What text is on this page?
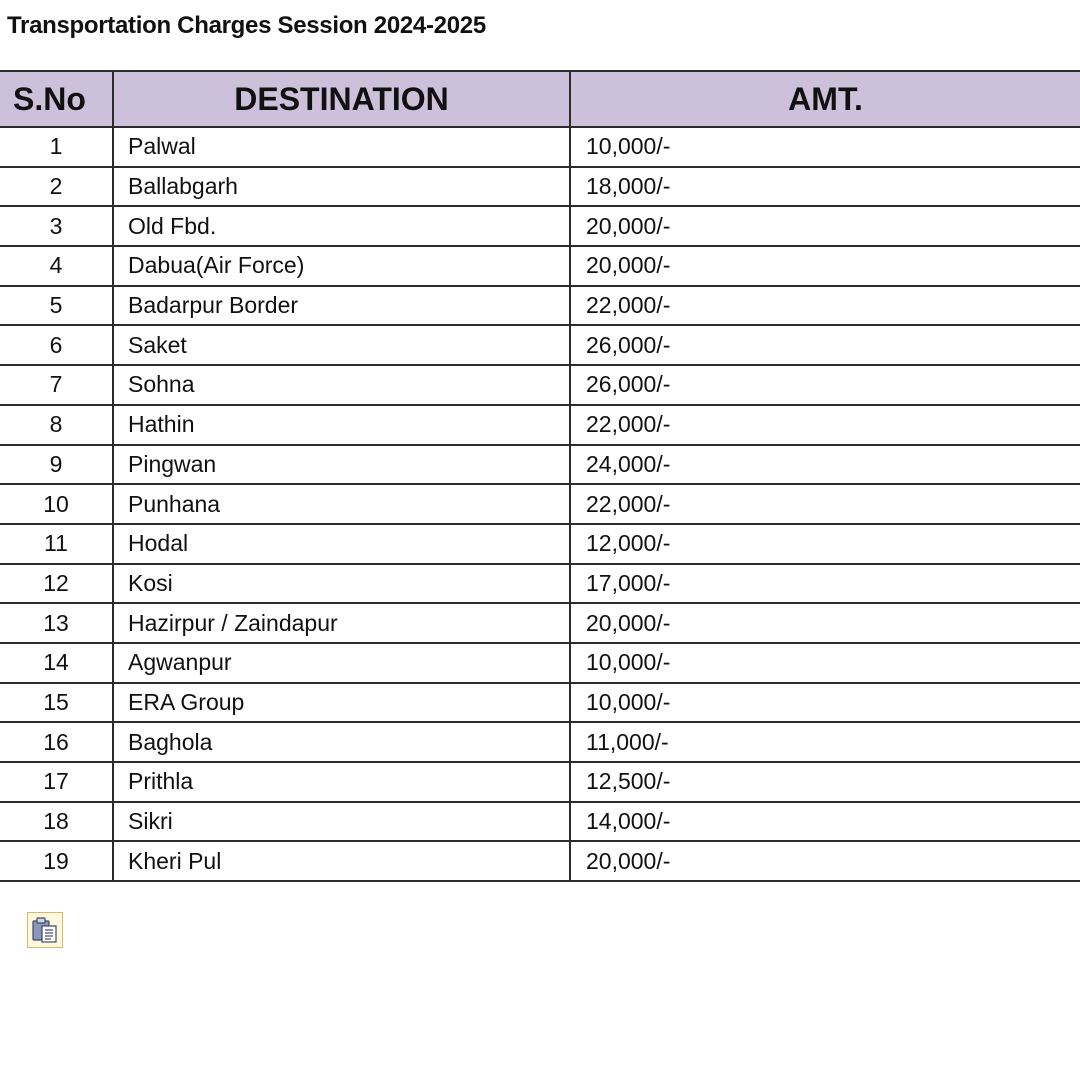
Transportation Charges Session 2024-2025
S.No	DESTINATION	AMT.
1	Palwal	10,000/-
2	Ballabgarh	18,000/-
3	Old Fbd.	20,000/-
4	Dabua(Air Force)	20,000/-
5	Badarpur Border	22,000/-
6	Saket	26,000/-
7	Sohna	26,000/-
8	Hathin	22,000/-
9	Pingwan	24,000/-
10	Punhana	22,000/-
11	Hodal	12,000/-
12	Kosi	17,000/-
13	Hazirpur / Zaindapur	20,000/-
14	Agwanpur	10,000/-
15	ERA Group	10,000/-
16	Baghola	11,000/-
17	Prithla	12,500/-
18	Sikri	14,000/-
19	Kheri Pul	20,000/-
